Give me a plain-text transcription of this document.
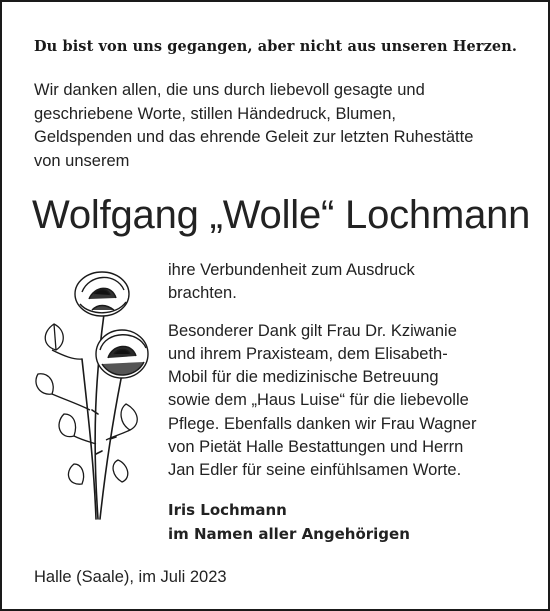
Du bist von uns gegangen, aber nicht aus unseren Herzen.
Wir danken allen, die uns durch liebevoll gesagte und
geschriebene Worte, stillen Händedruck, Blumen,
Geldspenden und das ehrende Geleit zur letzten Ruhestätte
von unserem
Wolfgang „Wolle“ Lochmann
ihre Verbundenheit zum Ausdruck
brachten.
Besonderer Dank gilt Frau Dr. Kziwanie
und ihrem Praxisteam, dem Elisabeth-
Mobil für die medizinische Betreuung
sowie dem „Haus Luise“ für die liebevolle
Pflege. Ebenfalls danken wir Frau Wagner
von Pietät Halle Bestattungen und Herrn
Jan Edler für seine einfühlsamen Worte.
Iris Lochmann
im Namen aller Angehörigen
Halle (Saale), im Juli 2023
